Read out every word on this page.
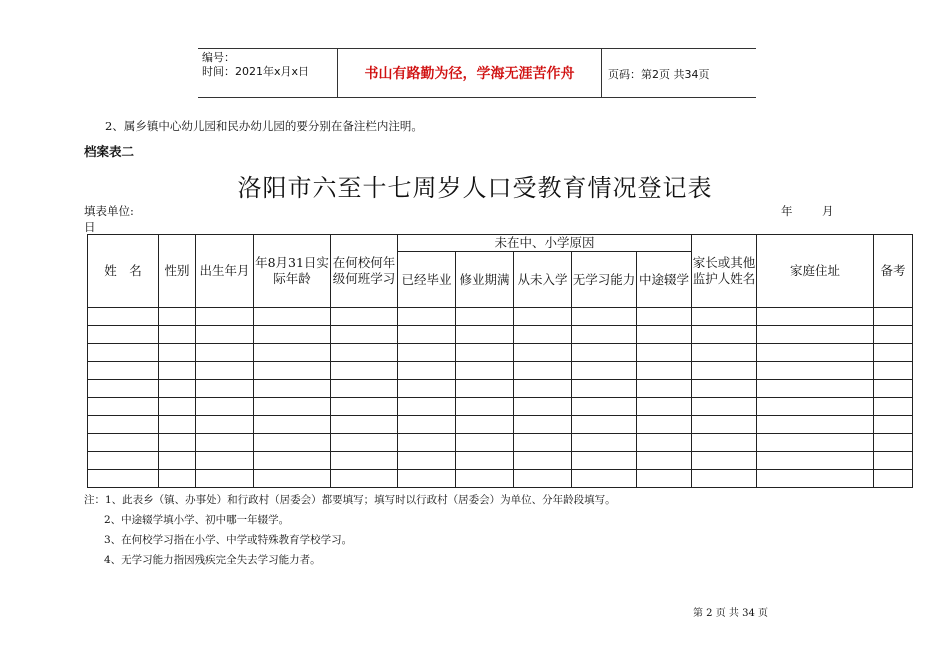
编号：
时间：2021年x月x日	书山有路勤为径，学海无涯苦作舟	页码：第2页 共34页
2、属乡镇中心幼儿园和民办幼儿园的要分别在备注栏内注明。
档案表二
洛阳市六至十七周岁人口受教育情况登记表
填表单位:	年	月
日
姓　名	性别	出生年月	年8月31日实际年龄	在何校何年级何班学习	未在中、小学原因					家长或其他监护人姓名	家庭住址	备考
					已经毕业	修业期满	从未入学	无学习能力	中途辍学			

注：1、此表乡（镇、办事处）和行政村（居委会）都要填写；填写时以行政村（居委会）为单位、分年龄段填写。
2、中途辍学填小学、初中哪一年辍学。
3、在何校学习指在小学、中学或特殊教育学校学习。
4、无学习能力指因残疾完全失去学习能力者。
第 2 页 共 34 页
